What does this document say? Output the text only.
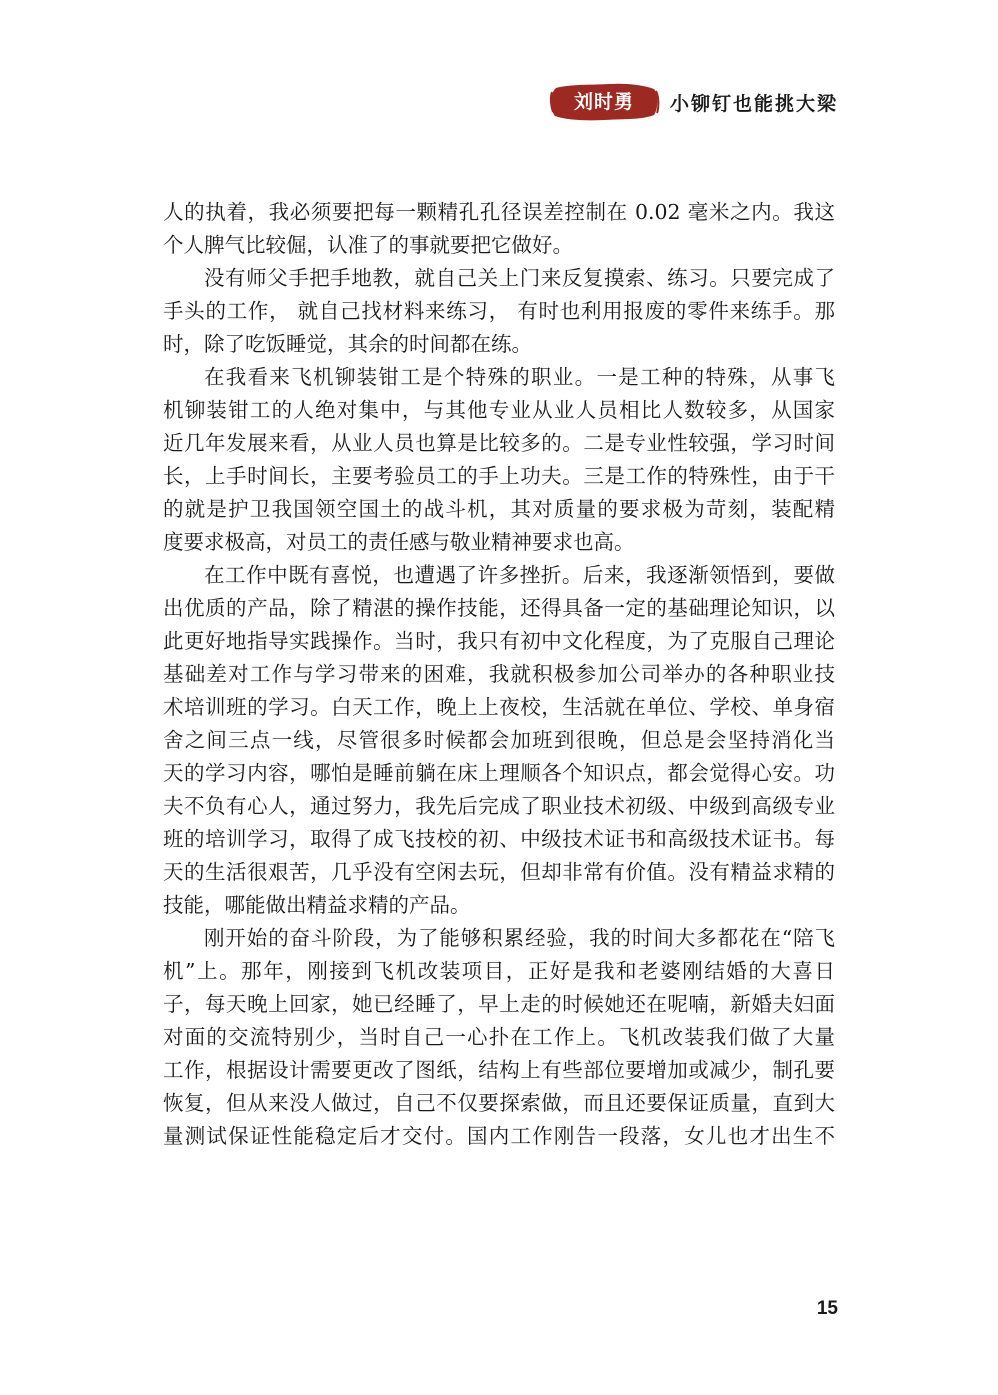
刘时勇	小铆钉也能挑大梁
人的执着，我必须要把每一颗精孔孔径误差控制在 0.02 毫米之内。我这
个人脾气比较倔，认准了的事就要把它做好。
没有师父手把手地教，就自己关上门来反复摸索、练习。只要完成了
手头的工作， 就自己找材料来练习， 有时也利用报废的零件来练手。那
时，除了吃饭睡觉，其余的时间都在练。
在我看来飞机铆装钳工是个特殊的职业。一是工种的特殊，从事飞
机铆装钳工的人绝对集中，与其他专业从业人员相比人数较多，从国家
近几年发展来看，从业人员也算是比较多的。二是专业性较强，学习时间
长，上手时间长，主要考验员工的手上功夫。三是工作的特殊性，由于干
的就是护卫我国领空国土的战斗机，其对质量的要求极为苛刻，装配精
度要求极高，对员工的责任感与敬业精神要求也高。
在工作中既有喜悦，也遭遇了许多挫折。后来，我逐渐领悟到，要做
出优质的产品，除了精湛的操作技能，还得具备一定的基础理论知识，以
此更好地指导实践操作。当时，我只有初中文化程度，为了克服自己理论
基础差对工作与学习带来的困难，我就积极参加公司举办的各种职业技
术培训班的学习。白天工作，晚上上夜校，生活就在单位、学校、单身宿
舍之间三点一线，尽管很多时候都会加班到很晚，但总是会坚持消化当
天的学习内容，哪怕是睡前躺在床上理顺各个知识点，都会觉得心安。功
夫不负有心人，通过努力，我先后完成了职业技术初级、中级到高级专业
班的培训学习，取得了成飞技校的初、中级技术证书和高级技术证书。每
天的生活很艰苦，几乎没有空闲去玩，但却非常有价值。没有精益求精的
技能，哪能做出精益求精的产品。
刚开始的奋斗阶段，为了能够积累经验，我的时间大多都花在“陪飞
机”上。那年，刚接到飞机改装项目，正好是我和老婆刚结婚的大喜日
子，每天晚上回家，她已经睡了，早上走的时候她还在呢喃，新婚夫妇面
对面的交流特别少，当时自己一心扑在工作上。飞机改装我们做了大量
工作，根据设计需要更改了图纸，结构上有些部位要增加或减少，制孔要
恢复，但从来没人做过，自己不仅要探索做，而且还要保证质量，直到大
量测试保证性能稳定后才交付。国内工作刚告一段落，女儿也才出生不
15
